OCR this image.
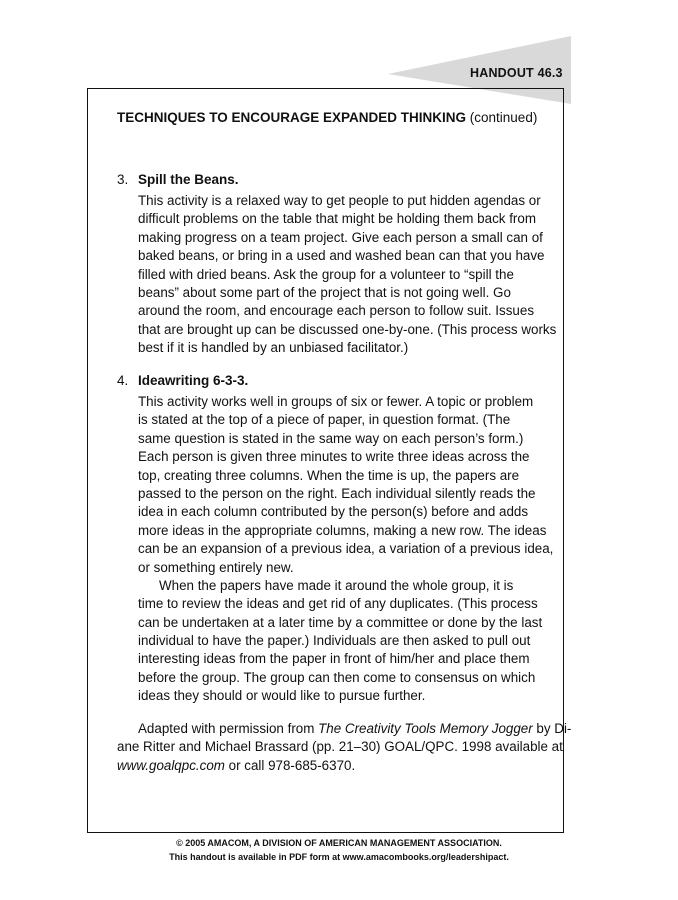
HANDOUT 46.3
TECHNIQUES TO ENCOURAGE EXPANDED THINKING (continued)
3. Spill the Beans.
This activity is a relaxed way to get people to put hidden agendas or
difficult problems on the table that might be holding them back from
making progress on a team project. Give each person a small can of
baked beans, or bring in a used and washed bean can that you have
filled with dried beans. Ask the group for a volunteer to “spill the
beans” about some part of the project that is not going well. Go
around the room, and encourage each person to follow suit. Issues
that are brought up can be discussed one-by-one. (This process works
best if it is handled by an unbiased facilitator.)
4. Ideawriting 6-3-3.
This activity works well in groups of six or fewer. A topic or problem
is stated at the top of a piece of paper, in question format. (The
same question is stated in the same way on each person’s form.)
Each person is given three minutes to write three ideas across the
top, creating three columns. When the time is up, the papers are
passed to the person on the right. Each individual silently reads the
idea in each column contributed by the person(s) before and adds
more ideas in the appropriate columns, making a new row. The ideas
can be an expansion of a previous idea, a variation of a previous idea,
or something entirely new.
When the papers have made it around the whole group, it is
time to review the ideas and get rid of any duplicates. (This process
can be undertaken at a later time by a committee or done by the last
individual to have the paper.) Individuals are then asked to pull out
interesting ideas from the paper in front of him/her and place them
before the group. The group can then come to consensus on which
ideas they should or would like to pursue further.
Adapted with permission from The Creativity Tools Memory Jogger by Di-
ane Ritter and Michael Brassard (pp. 21–30) GOAL/QPC. 1998 available at
www.goalqpc.com or call 978-685-6370.
© 2005 AMACOM, A DIVISION OF AMERICAN MANAGEMENT ASSOCIATION.
This handout is available in PDF form at www.amacombooks.org/leadershipact.
